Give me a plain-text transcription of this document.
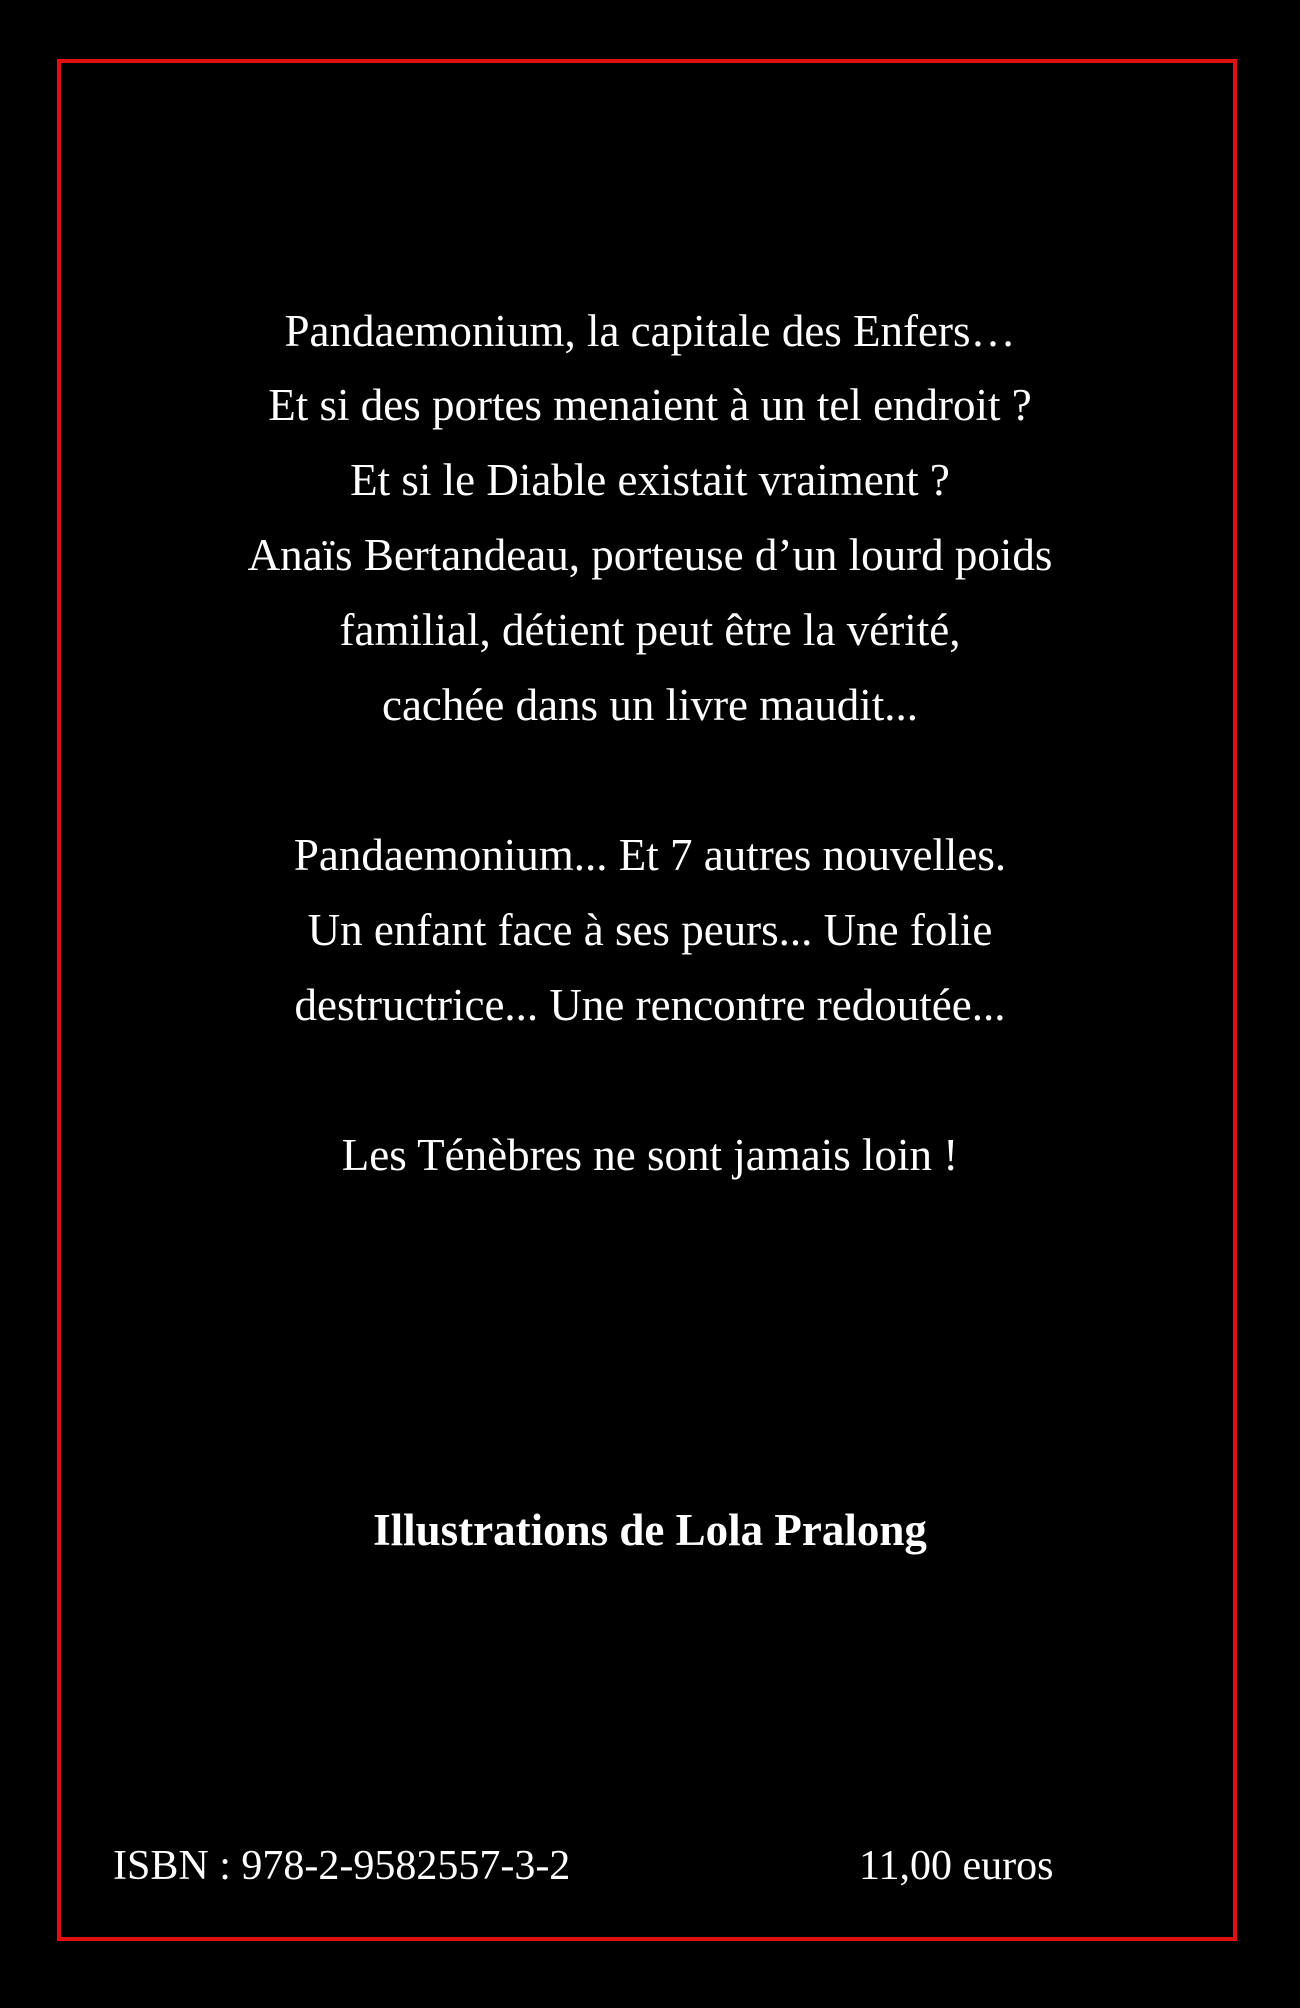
Pandaemonium, la capitale des Enfers…
Et si des portes menaient à un tel endroit ?
Et si le Diable existait vraiment ?
Anaïs Bertandeau, porteuse d’un lourd poids
familial, détient peut être la vérité,
cachée dans un livre maudit...
Pandaemonium... Et 7 autres nouvelles.
Un enfant face à ses peurs... Une folie
destructrice... Une rencontre redoutée...
Les Ténèbres ne sont jamais loin !
Illustrations de Lola Pralong
ISBN : 978-2-9582557-3-2	11,00 euros
